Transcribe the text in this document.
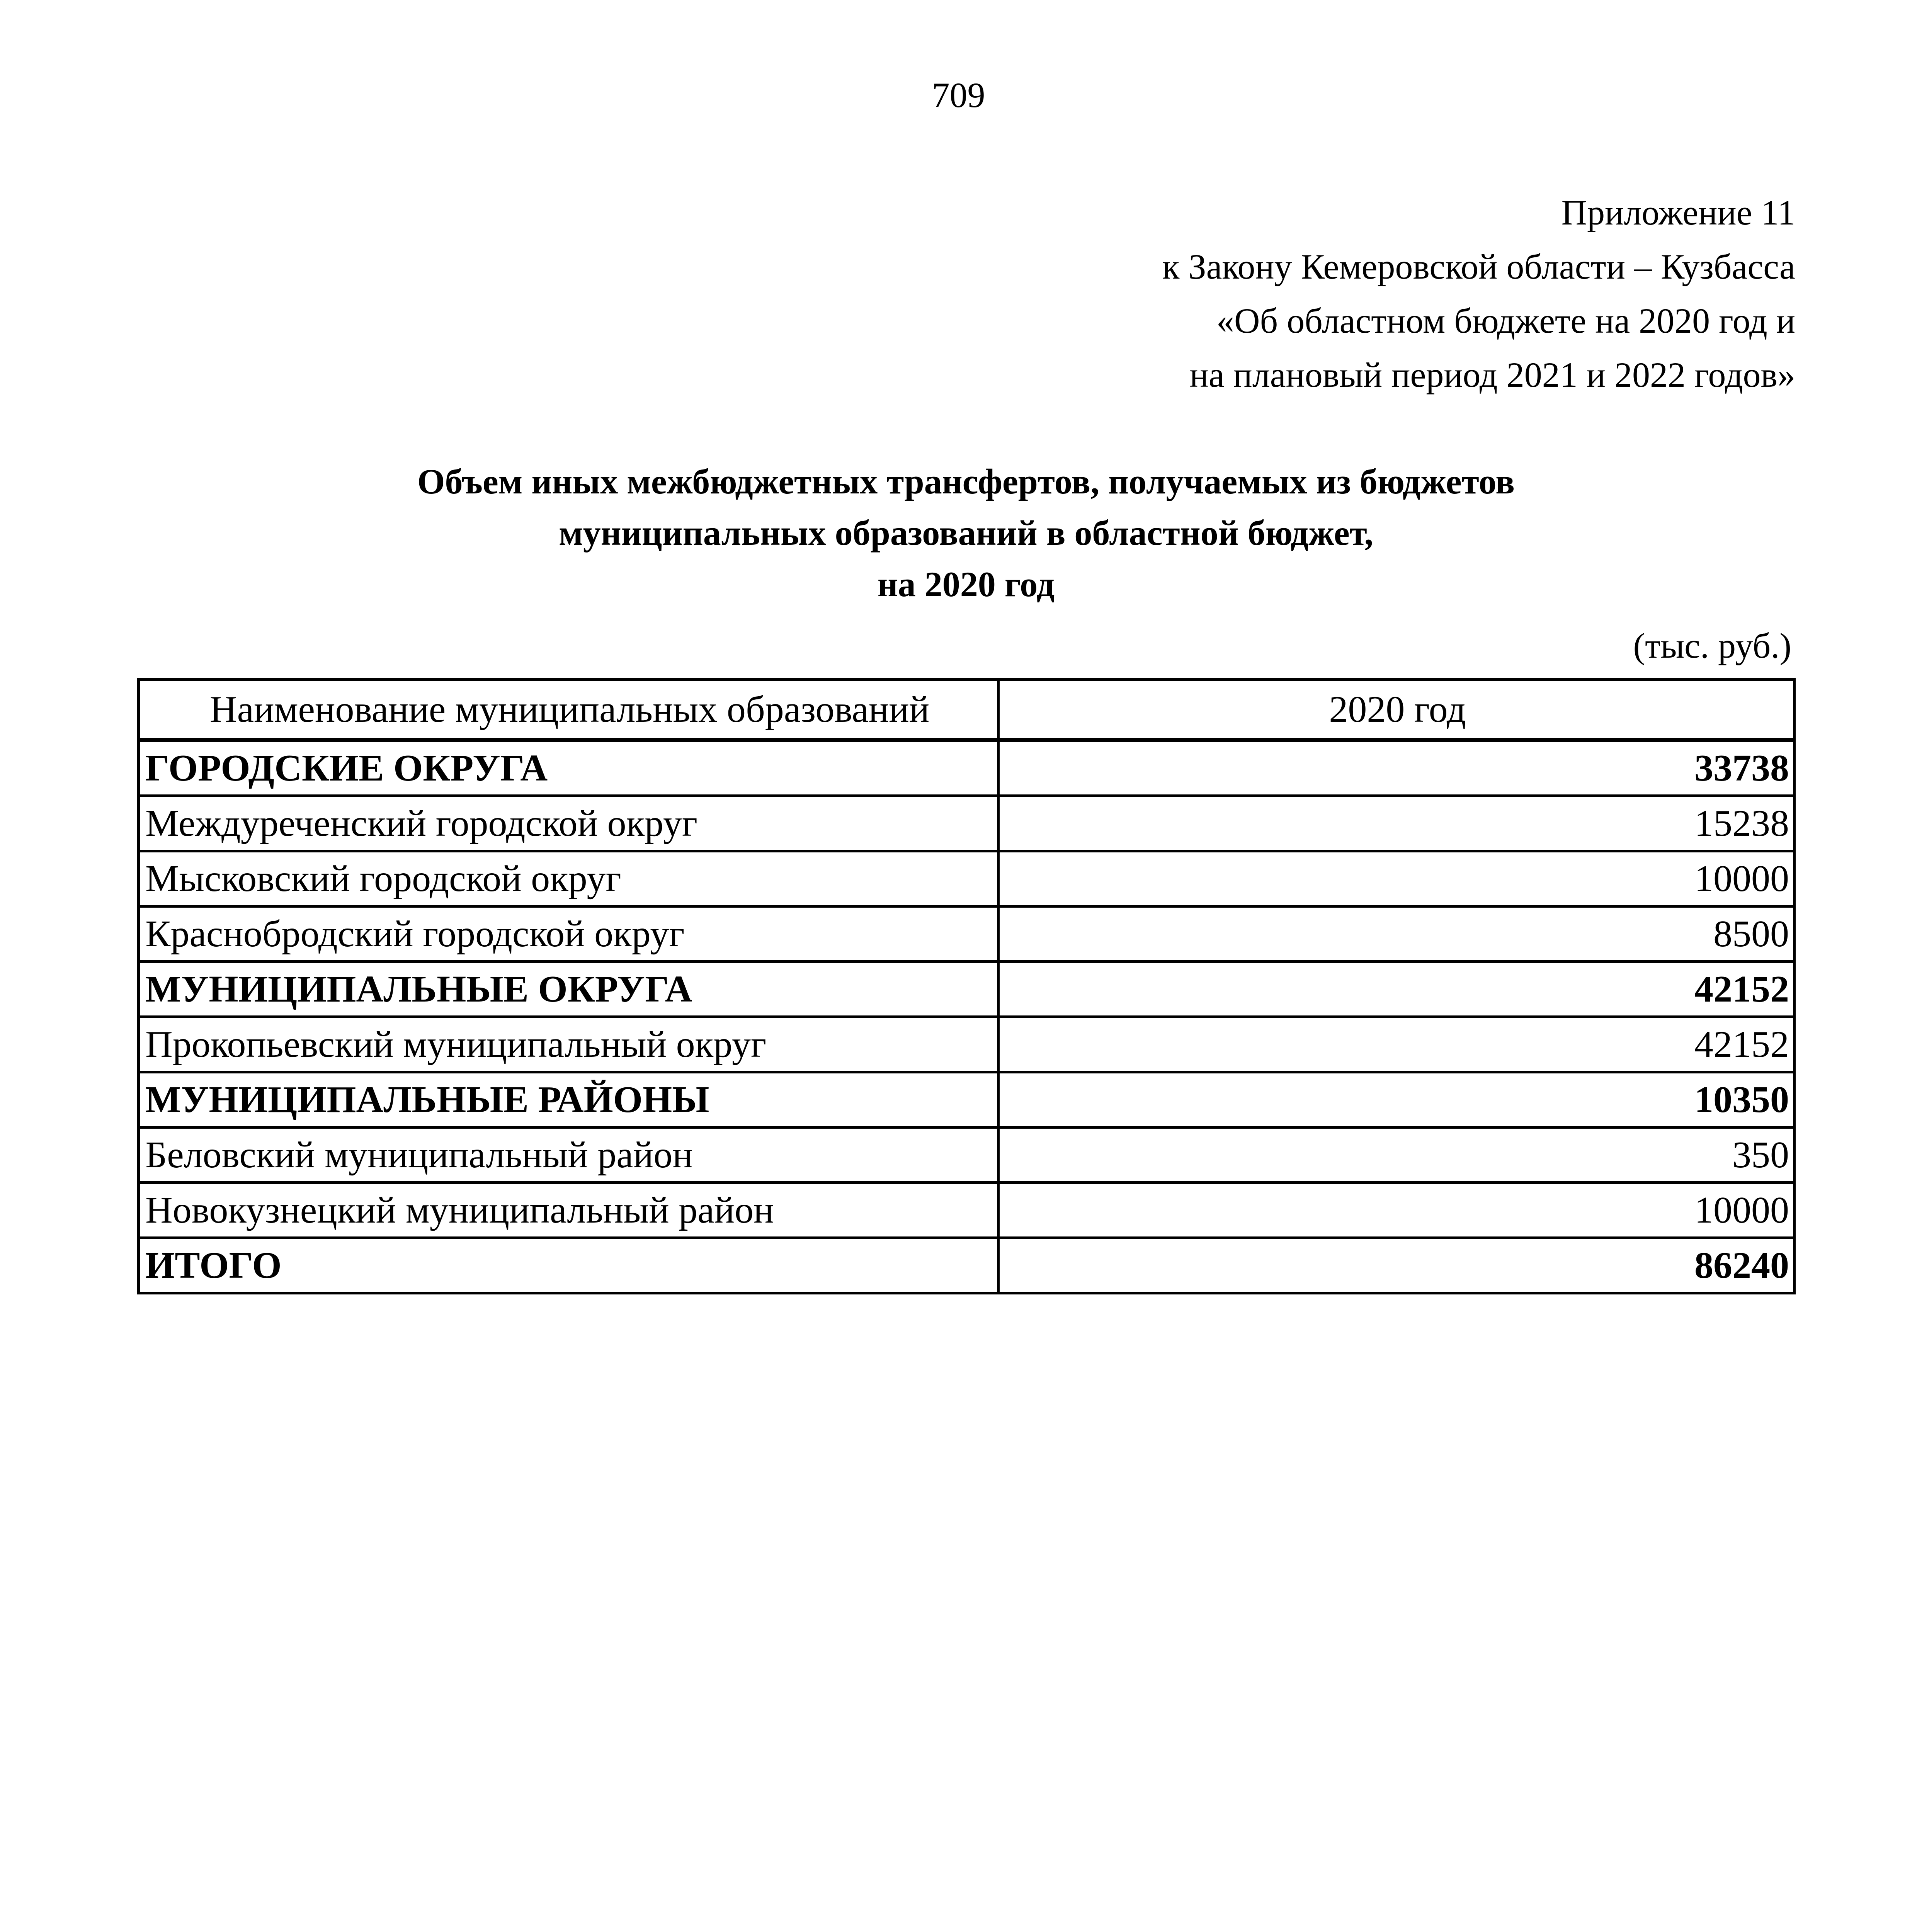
709
Приложение 11
к Закону Кемеровской области – Кузбасса
«Об областном бюджете на 2020 год и
на плановый период 2021 и 2022 годов»
Объем иных межбюджетных трансфертов, получаемых из бюджетов
муниципальных образований в областной бюджет,
на 2020 год
(тыс. руб.)
Наименование муниципальных образований	2020 год
ГОРОДСКИЕ ОКРУГА	33738
Междуреченский городской округ	15238
Мысковский городской округ	10000
Краснобродский городской округ	8500
МУНИЦИПАЛЬНЫЕ ОКРУГА	42152
Прокопьевский муниципальный округ	42152
МУНИЦИПАЛЬНЫЕ РАЙОНЫ	10350
Беловский муниципальный район	350
Новокузнецкий муниципальный район	10000
ИТОГО	86240
